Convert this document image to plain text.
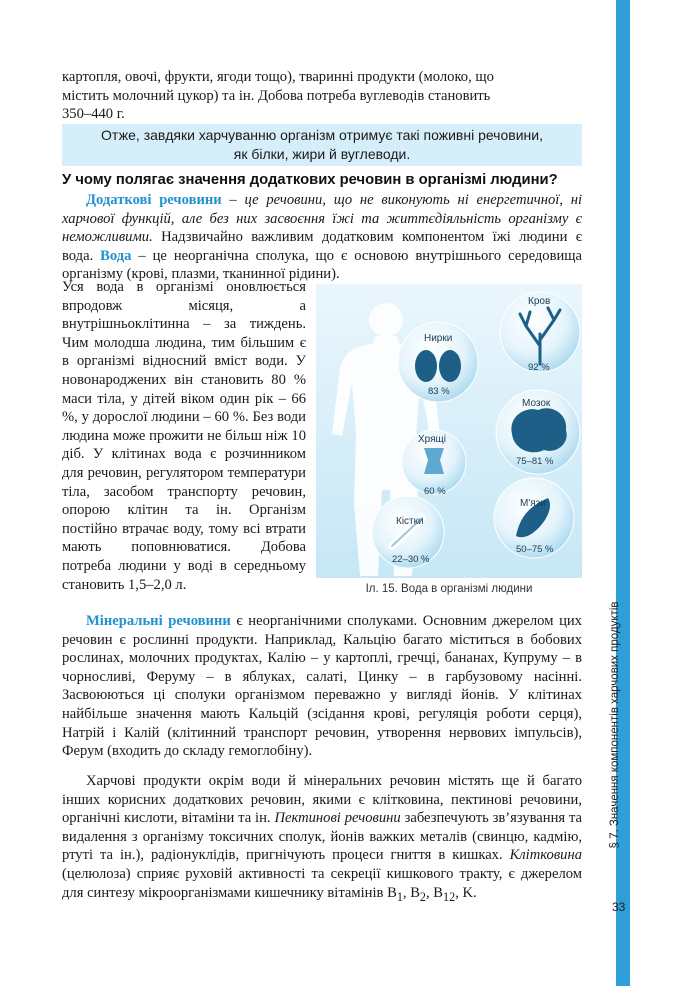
§ 7. Значення компонентів харчових продуктів
33

картопля, овочі, фрукти, ягоди тощо), тваринні продукти (молоко, що

містить молочний цукор) та ін. Добова потреба вуглеводів становить

350–440 г.

Отже, завдяки харчуванню організм отримує такі поживні речовини,
як білки, жири й вуглеводи.
У чому полягає значення додаткових речовин в організмі людини?

Додаткові речовини – це речовини, що не виконують ні енергетичної, ні харчової функцій, але без них засвоєння їжі та життєдіяльність організму є неможливими. Надзвичайно важливим додатковим компонентом їжі людини є вода. Вода – це неорганічна сполука, що є основою внутрішнього середовища організму (крові, плазми, тканинної рідини).

Уся вода в організмі оновлюється впродовж місяця, а внутрішньоклітинна – за тиждень. Чим молодша людина, тим більшим є в організмі відносний вміст води. У новонароджених він становить 80 % маси тіла, у дітей віком один рік – 66 %, у дорослої людини – 60 %. Без води людина може прожити не більш ніж 10 діб. У клітинах вода є розчинником для речовин, регулятором температури тіла, засобом транспорту речовин, опорою клітин та ін. Організм постійно втрачає воду, тому всі втрати мають поповнюватися. Добова потреба людини у воді в середньому становить 1,5–2,0 л.

Кров
92 %
Нирки
83 %
Мозок
75–81 %
Хрящі
60 %
М'язи
50–75 %
Кістки
22–30 %
Іл. 15. Вода в організмі людини

Мінеральні речовини є неорганічними сполуками. Основним джерелом цих речовин є рослинні продукти. Наприклад, Кальцію багато міститься в бобових рослинах, молочних продуктах, Калію – у картоплі, гречці, бананах, Купруму – в чорносливі, Феруму – в яблуках, салаті, Цинку – в гарбузовому насінні. Засвоюються ці сполуки організмом переважно у вигляді йонів. У клітинах найбільше значення мають Кальцій (зсідання крові, регуляція роботи серця), Натрій і Калій (клітинний транспорт речовин, утворення нервових імпульсів), Ферум (входить до складу гемоглобіну).

Харчові продукти окрім води й мінеральних речовин містять ще й багато інших корисних додаткових речовин, якими є клітковина, пектинові речовини, органічні кислоти, вітаміни та ін. Пектинові речовини забезпечують зв’язування та видалення з організму токсичних сполук, йонів важких металів (свинцю, кадмію, ртуті та ін.), радіонуклідів, пригнічують процеси гниття в кишках. Клітковина (целюлоза) сприяє руховій активності та секреції кишкового тракту, є джерелом для синтезу мікроорганізмами кишечнику вітамінів $B_1$, $B_2$, $B_{12}$, K.
